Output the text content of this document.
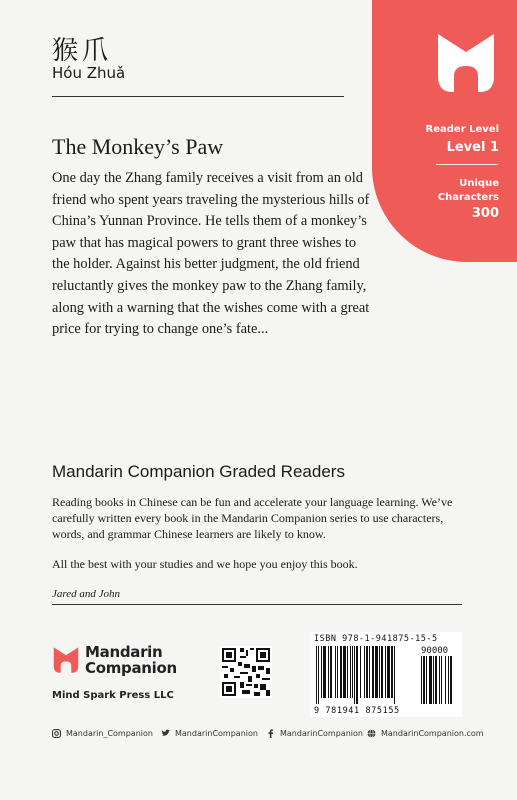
猴爪
Hóu Zhuǎ
Reader Level
Level 1
Unique
Characters
300
The Monkey’s Paw
One day the Zhang family receives a visit from an old friend who spent years traveling the mysterious hills of China’s Yunnan Province. He tells them of a monkey’s paw that has magical powers to grant three wishes to the holder. Against his better judgment, the old friend reluctantly gives the monkey paw to the Zhang family, along with a warning that the wishes come with a great price for trying to change one’s fate...
Mandarin Companion Graded Readers
Reading books in Chinese can be fun and accelerate your language learning. We’ve carefully written every book in the Mandarin Companion series to use characters, words, and grammar Chinese learners are likely to know.
All the best with your studies and we hope you enjoy this book.
Jared and John
Mandarin
Companion
Mind Spark Press LLC
ISBN 978-1-941875-15-5
90000
9 781941 875155
Mandarin_Companion	MandarinCompanion	MandarinCompanion MandarinCompanion.com
